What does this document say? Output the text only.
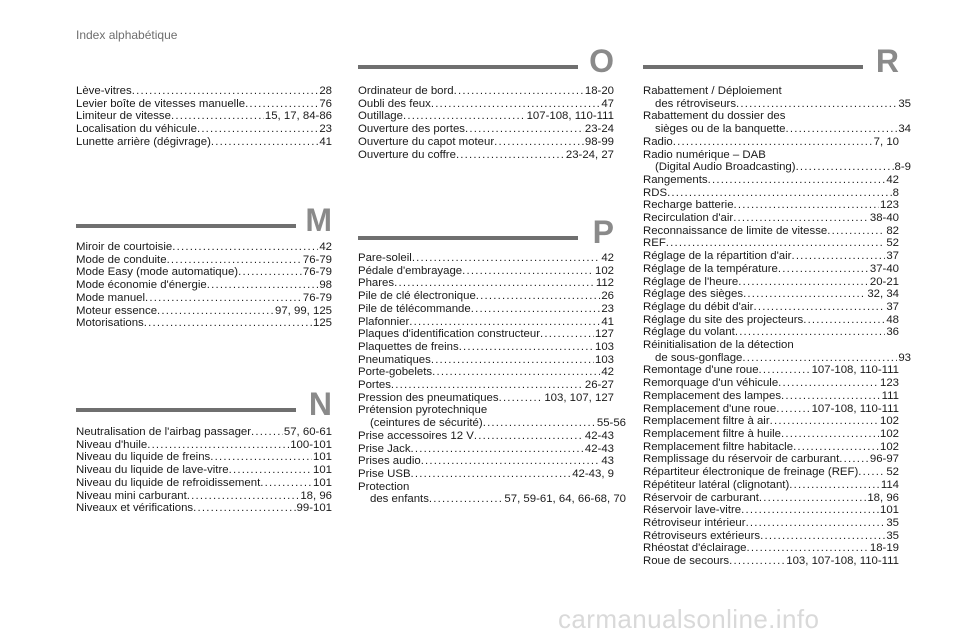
Index alphabétique
Lève-vitres .....	28
Levier boîte de vitesses manuelle .....	76
Limiteur de vitesse .....	15, 17, 84-86
Localisation du véhicule .....	23
Lunette arrière (dégivrage) .....	41
M
Miroir de courtoisie .....	42
Mode de conduite .....	76-79
Mode Easy (mode automatique) .....	76-79
Mode économie d'énergie .....	98
Mode manuel .....	76-79
Moteur essence .....	97, 99, 125
Motorisations .....	125
N
Neutralisation de l'airbag passager .....	57, 60-61
Niveau d'huile .....	100-101
Niveau du liquide de freins .....	101
Niveau du liquide de lave-vitre .....	101
Niveau du liquide de refroidissement .....	101
Niveau mini carburant .....	18, 96
Niveaux et vérifications .....	99-101
O
Ordinateur de bord .....	18-20
Oubli des feux .....	47
Outillage .....	107-108, 110-111
Ouverture des portes .....	23-24
Ouverture du capot moteur .....	98-99
Ouverture du coffre .....	23-24, 27
P
Pare-soleil .....	42
Pédale d'embrayage .....	102
Phares .....	112
Pile de clé électronique .....	26
Pile de télécommande .....	23
Plafonnier .....	41
Plaques d'identification constructeur .....	127
Plaquettes de freins .....	103
Pneumatiques .....	103
Porte-gobelets .....	42
Portes .....	26-27
Pression des pneumatiques .....	103, 107, 127
Prétension pyrotechnique
(ceintures de sécurité) .....	55-56
Prise accessoires 12 V .....	42-43
Prise Jack .....	42-43
Prises audio .....	43
Prise USB .....	42-43, 9
Protection
des enfants .....	57, 59-61, 64, 66-68, 70
R
Rabattement / Déploiement
des rétroviseurs .....	35
Rabattement du dossier des
sièges ou de la banquette .....	34
Radio .....	7, 10
Radio numérique – DAB
(Digital Audio Broadcasting) .....	8-9
Rangements .....	42
RDS .....	8
Recharge batterie .....	123
Recirculation d'air .....	38-40
Reconnaissance de limite de vitesse .....	82
REF .....	52
Réglage de la répartition d'air .....	37
Réglage de la température .....	37-40
Réglage de l'heure .....	20-21
Réglage des sièges .....	32, 34
Réglage du débit d'air .....	37
Réglage du site des projecteurs .....	48
Réglage du volant .....	36
Réinitialisation de la détection
de sous-gonflage .....	93
Remontage d'une roue .....	107-108, 110-111
Remorquage d'un véhicule .....	123
Remplacement des lampes .....	111
Remplacement d'une roue .....	107-108, 110-111
Remplacement filtre à air .....	102
Remplacement filtre à huile .....	102
Remplacement filtre habitacle .....	102
Remplissage du réservoir de carburant .....	96-97
Répartiteur électronique de freinage (REF) ..... 52
Répétiteur latéral (clignotant) .....	114
Réservoir de carburant .....	18, 96
Réservoir lave-vitre .....	101
Rétroviseur intérieur .....	35
Rétroviseurs extérieurs .....	35
Rhéostat d'éclairage .....	18-19
Roue de secours .....	103, 107-108, 110-111
carmanualsonline.info
